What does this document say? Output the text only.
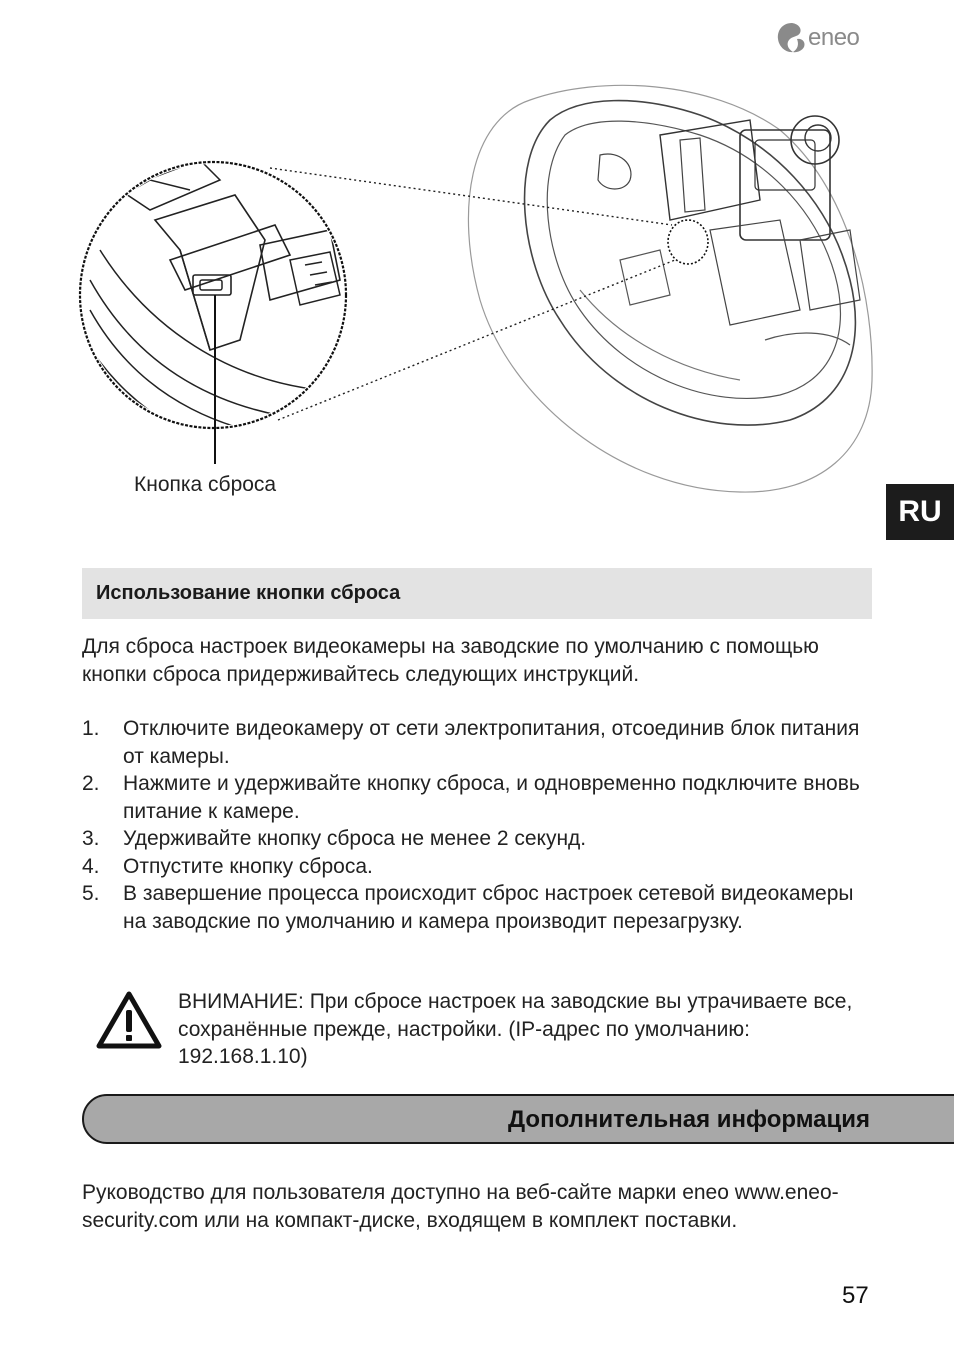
eneo
Кнопка сброса
RU
Использование кнопки сброса
Для сброса настроек видеокамеры на заводские по умолчанию с помощью кнопки сброса придерживайтесь следующих инструкций.
1.	Отключите видеокамеру от сети электропитания, отсоединив блок питания от камеры.
2.	Нажмите и удерживайте кнопку сброса, и одновременно подключите вновь питание к камере.
3.	Удерживайте кнопку сброса не менее 2 секунд.
4.	Отпустите кнопку сброса.
5.	В завершение процесса происходит сброс настроек сетевой видеокамеры на заводские по умолчанию и камера производит перезагрузку.
ВНИМАНИЕ: При сбросе настроек на заводские вы утрачиваете все, сохранённые прежде, настройки. (IP-адрес по умолчанию: 192.168.1.10)
Дополнительная информация
Руководство для пользователя доступно на веб-сайте марки eneo www.eneo-security.com или на компакт-диске, входящем в комплект поставки.
57
